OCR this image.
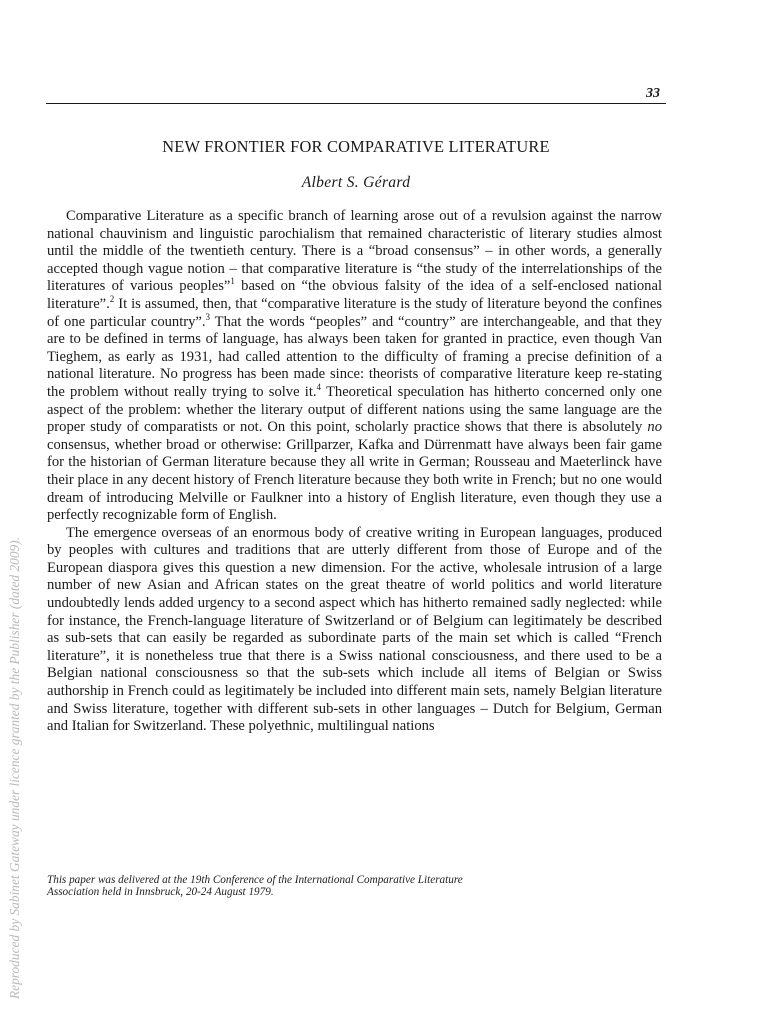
33
NEW FRONTIER FOR COMPARATIVE LITERATURE
Albert S. Gérard

Comparative Literature as a specific branch of learning arose out of a revulsion against the narrow national chauvinism and linguistic parochialism that remained characteristic of literary studies almost until the middle of the twentieth century. There is a “broad consensus” – in other words, a generally accepted though vague notion – that comparative literature is “the study of the interrelationships of the literatures of various peoples”$^1$ based on “the obvious falsity of the idea of a self-enclosed national literature”.$^2$ It is assumed, then, that “comparative literature is the study of literature beyond the confines of one particular country”.$^3$ That the words “peoples” and “country” are interchangeable, and that they are to be defined in terms of language, has always been taken for granted in practice, even though Van Tieghem, as early as 1931, had called attention to the difficulty of framing a precise definition of a national literature. No progress has been made since: theorists of comparative literature keep re-stating the problem without really trying to solve it.$^4$ Theoretical speculation has hitherto concerned only one aspect of the problem: whether the literary output of different nations using the same language are the proper study of comparatists or not. On this point, scholarly practice shows that there is absolutely no consensus, whether broad or otherwise: Grillparzer, Kafka and Dürrenmatt have always been fair game for the historian of German literature because they all write in German; Rousseau and Maeterlinck have their place in any decent history of French literature because they both write in French; but no one would dream of introducing Melville or Faulkner into a history of English literature, even though they use a perfectly recognizable form of English.

The emergence overseas of an enormous body of creative writing in European languages, produced by peoples with cultures and traditions that are utterly different from those of Europe and of the European diaspora gives this question a new dimension. For the active, wholesale intrusion of a large number of new Asian and African states on the great theatre of world politics and world literature undoubtedly lends added urgency to a second aspect which has hitherto remained sadly neglected: while for instance, the French-language literature of Switzerland or of Belgium can legitimately be described as sub-sets that can easily be regarded as subordinate parts of the main set which is called “French literature”, it is nonetheless true that there is a Swiss national consciousness, and there used to be a Belgian national consciousness so that the sub-sets which include all items of Belgian or Swiss authorship in French could as legitimately be included into different main sets, namely Belgian literature and Swiss literature, together with different sub-sets in other languages – Dutch for Belgium, German and Italian for Switzerland. These polyethnic, multilingual nations

This paper was delivered at the 19th Conference of the International Comparative Literature
Association held in Innsbruck, 20-24 August 1979.
Reproduced by Sabinet Gateway under licence granted by the Publisher (dated 2009).
